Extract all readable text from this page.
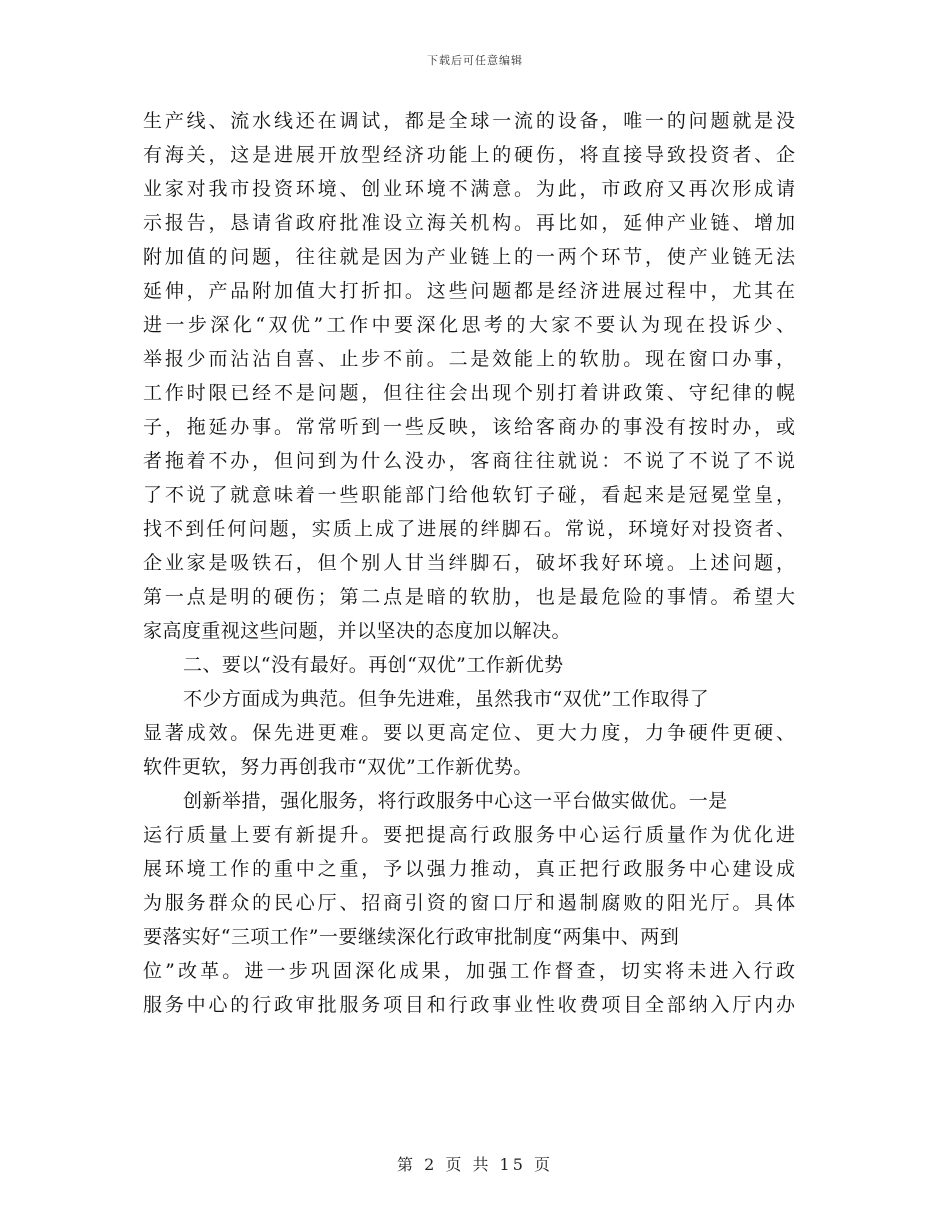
下载后可任意编辑
生产线、流水线还在调试，都是全球一流的设备，唯一的问题就是没
有海关，这是进展开放型经济功能上的硬伤，将直接导致投资者、企
业家对我市投资环境、创业环境不满意。为此，市政府又再次形成请
示报告，恳请省政府批准设立海关机构。再比如，延伸产业链、增加
附加值的问题，往往就是因为产业链上的一两个环节，使产业链无法
延伸，产品附加值大打折扣。这些问题都是经济进展过程中，尤其在
进一步深化“双优”工作中要深化思考的大家不要认为现在投诉少、
举报少而沾沾自喜、止步不前。二是效能上的软肋。现在窗口办事，
工作时限已经不是问题，但往往会出现个别打着讲政策、守纪律的幌
子，拖延办事。常常听到一些反映，该给客商办的事没有按时办，或
者拖着不办，但问到为什么没办，客商往往就说：不说了不说了不说
了不说了就意味着一些职能部门给他软钉子碰，看起来是冠冕堂皇，
找不到任何问题，实质上成了进展的绊脚石。常说，环境好对投资者、
企业家是吸铁石，但个别人甘当绊脚石，破坏我好环境。上述问题，
第一点是明的硬伤；第二点是暗的软肋，也是最危险的事情。希望大
家高度重视这些问题，并以坚决的态度加以解决。
二、要以“没有最好。再创“双优”工作新优势
不少方面成为典范。但争先进难，虽然我市“双优”工作取得了
显著成效。保先进更难。要以更高定位、更大力度，力争硬件更硬、
软件更软，努力再创我市“双优”工作新优势。
创新举措，强化服务，将行政服务中心这一平台做实做优。一是
运行质量上要有新提升。要把提高行政服务中心运行质量作为优化进
展环境工作的重中之重，予以强力推动，真正把行政服务中心建设成
为服务群众的民心厅、招商引资的窗口厅和遏制腐败的阳光厅。具体
要落实好“三项工作”一要继续深化行政审批制度“两集中、两到
位”改革。进一步巩固深化成果，加强工作督查，切实将未进入行政
服务中心的行政审批服务项目和行政事业性收费项目全部纳入厅内办
第 2 页 共 15 页
